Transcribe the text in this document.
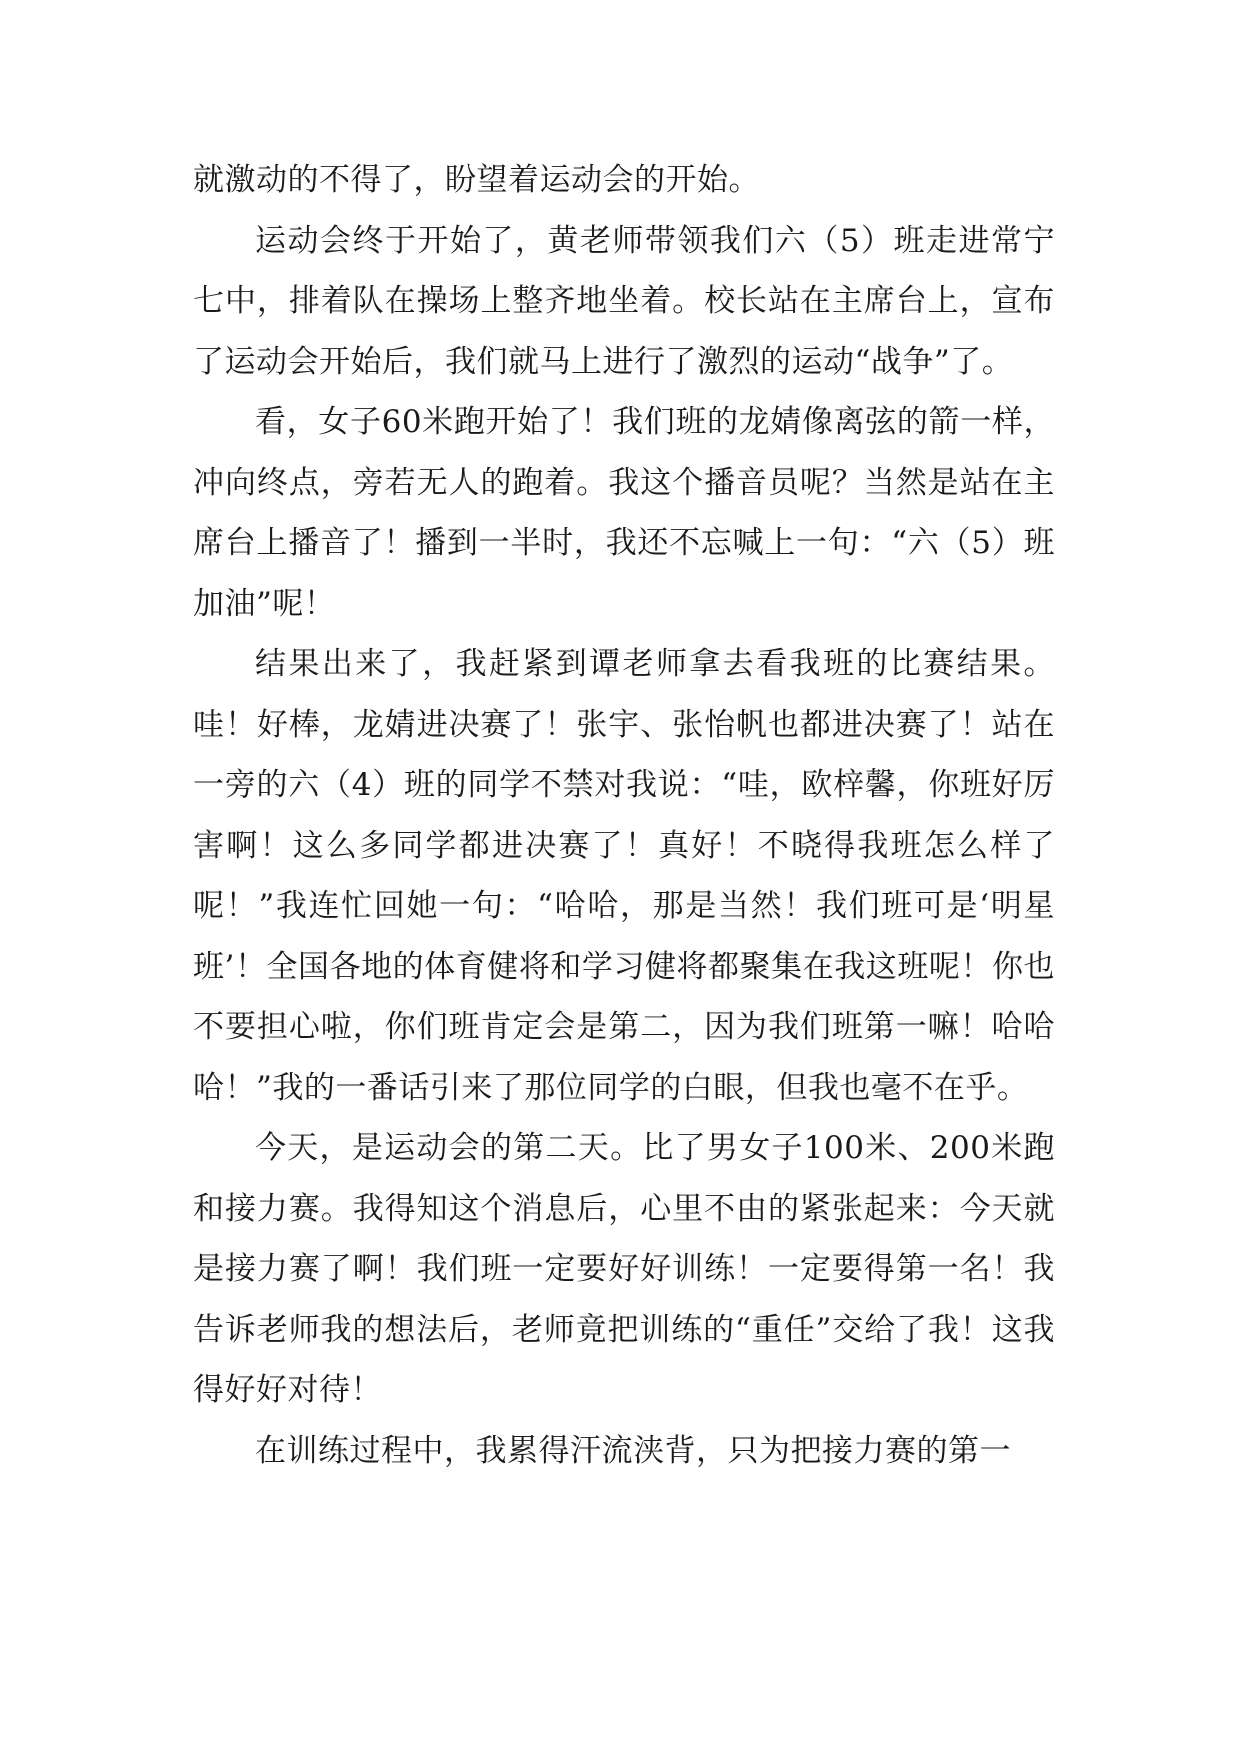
就激动的不得了，盼望着运动会的开始。

运动会终于开始了，黄老师带领我们六（5）班走进常宁七中，排着队在操场上整齐地坐着。校长站在主席台上，宣布了运动会开始后，我们就马上进行了激烈的运动“战争”了。

看，女子60米跑开始了！我们班的龙婧像离弦的箭一样，冲向终点，旁若无人的跑着。我这个播音员呢？当然是站在主席台上播音了！播到一半时，我还不忘喊上一句：“六（5）班加油”呢！

结果出来了，我赶紧到谭老师拿去看我班的比赛结果。哇！好棒，龙婧进决赛了！张宇、张怡帆也都进决赛了！站在一旁的六（4）班的同学不禁对我说：“哇，欧梓馨，你班好厉害啊！这么多同学都进决赛了！真好！不晓得我班怎么样了呢！”我连忙回她一句：“哈哈，那是当然！我们班可是‘明星班’！全国各地的体育健将和学习健将都聚集在我这班呢！你也不要担心啦，你们班肯定会是第二，因为我们班第一嘛！哈哈哈！”我的一番话引来了那位同学的白眼，但我也毫不在乎。

今天，是运动会的第二天。比了男女子100米、200米跑和接力赛。我得知这个消息后，心里不由的紧张起来：今天就是接力赛了啊！我们班一定要好好训练！一定要得第一名！我告诉老师我的想法后，老师竟把训练的“重任”交给了我！这我得好好对待！

在训练过程中，我累得汗流浃背，只为把接力赛的第一
